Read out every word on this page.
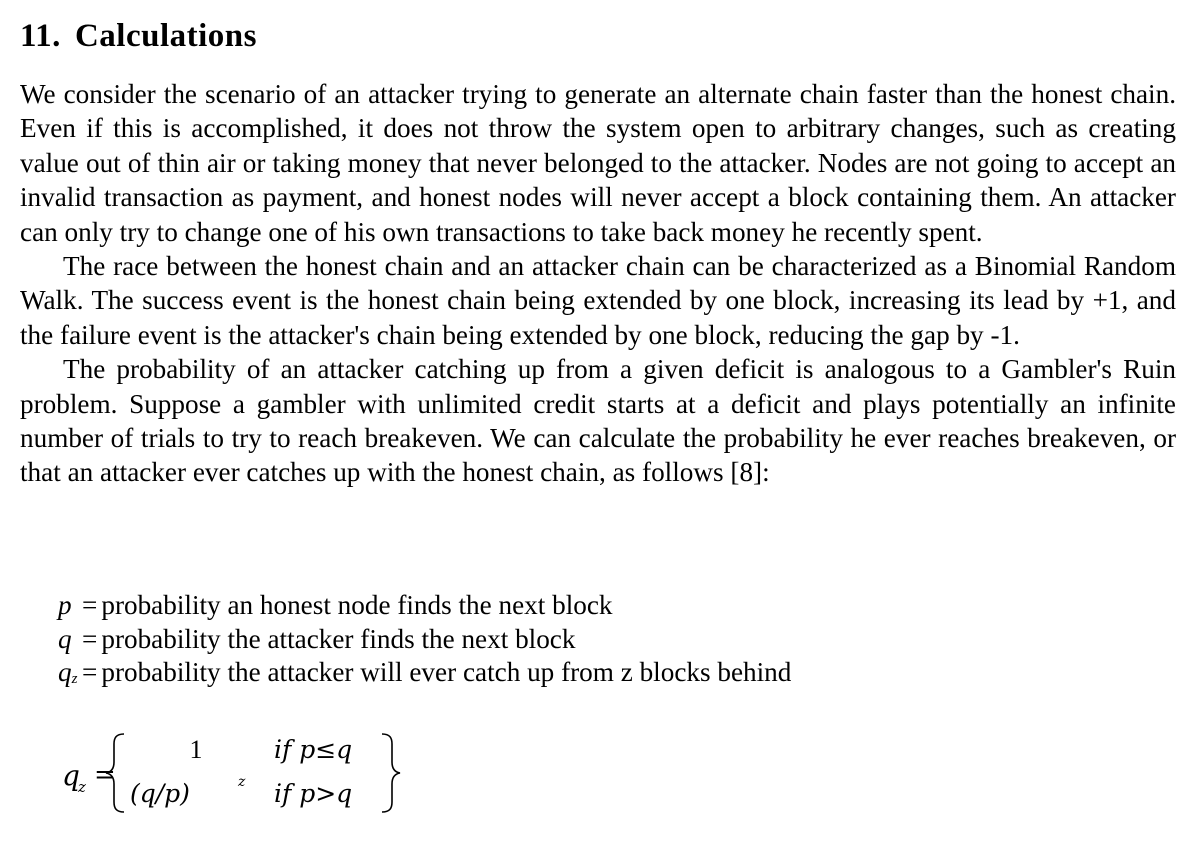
11. Calculations

We consider the scenario of an attacker trying to generate an alternate chain faster than the honest chain. Even if this is accomplished, it does not throw the system open to arbitrary changes, such as creating value out of thin air or taking money that never belonged to the attacker. Nodes are not going to accept an invalid transaction as payment, and honest nodes will never accept a block containing them. An attacker can only try to change one of his own transactions to take back money he recently spent.

The race between the honest chain and an attacker chain can be characterized as a Binomial Random Walk. The success event is the honest chain being extended by one block, increasing its lead by +1, and the failure event is the attacker's chain being extended by one block, reducing the gap by -1.

The probability of an attacker catching up from a given deficit is analogous to a Gambler's Ruin problem. Suppose a gambler with unlimited credit starts at a deficit and plays potentially an infinite number of trials to try to reach breakeven. We can calculate the probability he ever reaches breakeven, or that an attacker ever catches up with the honest chain, as follows [8]:

p = probability an honest node finds the next block
q = probability the attacker finds the next block
$q_z$ = probability the attacker will ever catch up from z blocks behind
q
z =
1	if p≤q
(q/p)	z if p>q
